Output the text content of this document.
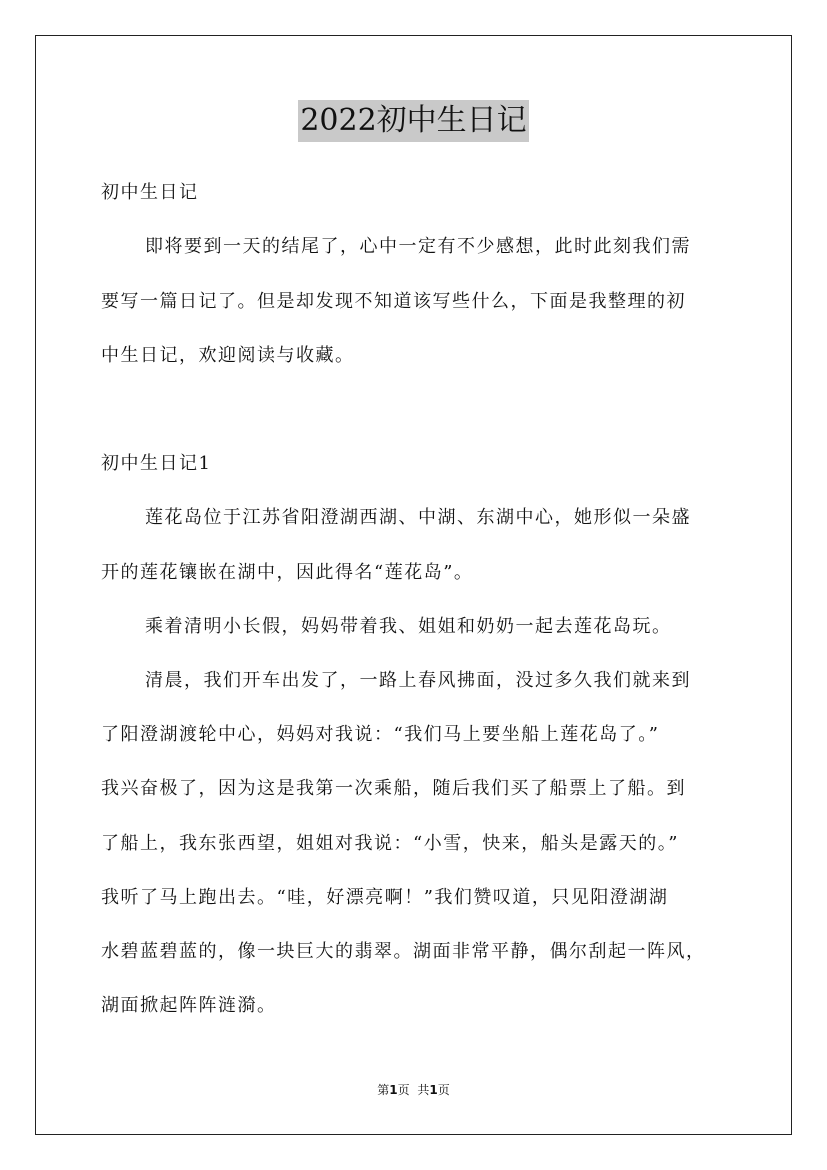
2022初中生日记
初中生日记
即将要到一天的结尾了，心中一定有不少感想，此时此刻我们需
要写一篇日记了。但是却发现不知道该写些什么，下面是我整理的初
中生日记，欢迎阅读与收藏。
初中生日记1
莲花岛位于江苏省阳澄湖西湖、中湖、东湖中心，她形似一朵盛
开的莲花镶嵌在湖中，因此得名“莲花岛”。
乘着清明小长假，妈妈带着我、姐姐和奶奶一起去莲花岛玩。
清晨，我们开车出发了，一路上春风拂面，没过多久我们就来到
了阳澄湖渡轮中心，妈妈对我说：“我们马上要坐船上莲花岛了。”
我兴奋极了，因为这是我第一次乘船，随后我们买了船票上了船。到
了船上，我东张西望，姐姐对我说：“小雪，快来，船头是露天的。”
我听了马上跑出去。“哇，好漂亮啊！”我们赞叹道，只见阳澄湖湖
水碧蓝碧蓝的，像一块巨大的翡翠。湖面非常平静，偶尔刮起一阵风，
湖面掀起阵阵涟漪。
第1页 共1页
